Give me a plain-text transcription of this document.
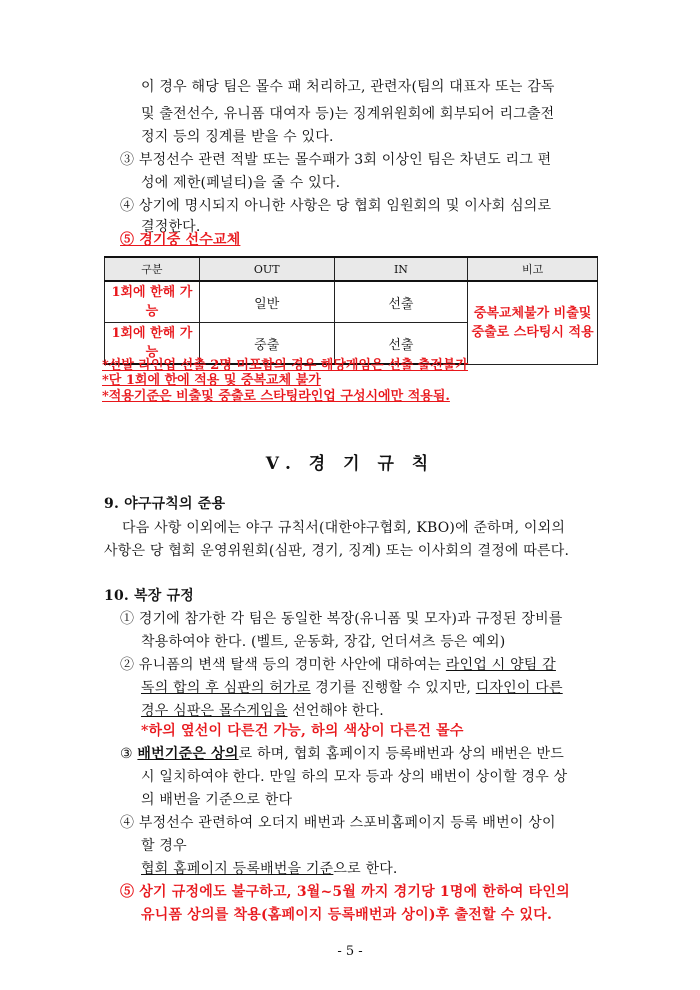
이 경우 해당 팀은 몰수 패 처리하고, 관련자(팀의 대표자 또는 감독
및 출전선수, 유니폼 대여자 등)는 징계위원회에 회부되어 리그출전
정지 등의 징계를 받을 수 있다.
③ 부정선수 관련 적발 또는 몰수패가 3회 이상인 팀은 차년도 리그 편
성에 제한(페널티)을 줄 수 있다.
④ 상기에 명시되지 아니한 사항은 당 협회 임원회의 및 이사회 심의로
결정한다.
⑤ 경기중 선수교체
구분	OUT	IN	비고
1회에 한해 가능	일반	선출	중복교체불가 비출및 중출로 스타팅시 적용
1회에 한해 가능	중출	선출	
*선발 라인업 선출 2명 미포함의 경우 해당게임은 선출 출전불가
*단 1회에 한에 적용 및 중복교체 불가
*적용기준은 비출및 중출로 스타팅라인업 구성시에만 적용됨.
Ⅴ. 경 기 규 칙
9. 야구규칙의 준용
다음 사항 이외에는 야구 규칙서(대한야구협회, KBO)에 준하며, 이외의
사항은 당 협회 운영위원회(심판, 경기, 징계) 또는 이사회의 결정에 따른다.
10. 복장 규정
① 경기에 참가한 각 팀은 동일한 복장(유니폼 및 모자)과 규정된 장비를
착용하여야 한다. (벨트, 운동화, 장갑, 언더셔츠 등은 예외)
② 유니폼의 변색 탈색 등의 경미한 사안에 대하여는 라인업 시 양팀 감
독의 합의 후 심판의 허가로 경기를 진행할 수 있지만, 디자인이 다른
경우 심판은 몰수게임을 선언해야 한다.
*하의 옆선이 다른건 가능, 하의 색상이 다른건 몰수
③ 배번기준은 상의로 하며, 협회 홈페이지 등록배번과 상의 배번은 반드
시 일치하여야 한다. 만일 하의 모자 등과 상의 배번이 상이할 경우 상
의 배번을 기준으로 한다
④ 부정선수 관련하여 오더지 배번과 스포비홈페이지 등록 배번이 상이
할 경우
협회 홈페이지 등록배번을 기준으로 한다.
⑤ 상기 규정에도 불구하고, 3월~5월 까지 경기당 1명에 한하여 타인의
유니폼 상의를 착용(홈페이지 등록배번과 상이)후 출전할 수 있다.
- 5 -
